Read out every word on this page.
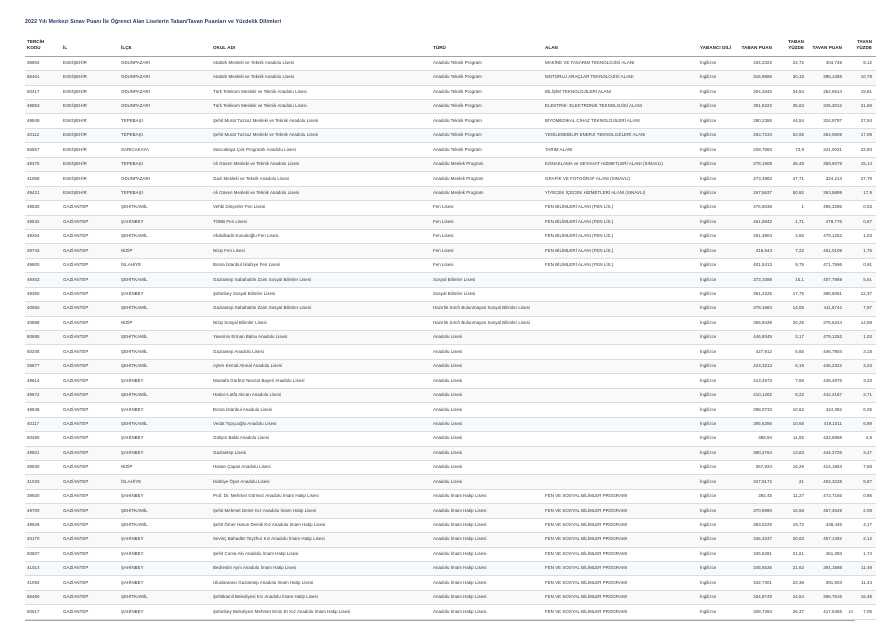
2022 Yılı Merkezi Sınav Puanı İle Öğrenci Alan Liselerin Taban/Tavan Puanları ve Yüzdelik Dilimleri
TERCİH KODU	İL	İLÇE	OKUL ADI	TÜRÜ	ALAN	YABANCI DİLİ	TABAN PUAN	TABAN YÜZDE	TAVAN PUAN	TAVAN YÜZDE
38904	ESKİŞEHİR	ODUNPAZARI	Atatürk Mesleki ve Teknik Anadolu Lisesi	Anadolu Teknik Program	MAKİNE VE TASARIM TEKNOLOJİSİ ALANI	İngilizce	334,2322	24,72	404,748	9,12
65461	ESKİŞEHİR	ODUNPAZARI	Atatürk Mesleki ve Teknik Anadolu Lisesi	Anadolu Teknik Program	MOTORLU ARAÇLAR TEKNOLOJİSİ ALANI	İngilizce	316,9886	30,18	395,1369	10,78
50417	ESKİŞEHİR	ODUNPAZARI	Türk Telekom Mesleki ve Teknik Anadolu Lisesi	Anadolu Teknik Program	BİLİŞİM TEKNOLOJİLERİ ALANI	İngilizce	304,3346	34,54	352,6514	19,81
49853	ESKİŞEHİR	ODUNPAZARI	Türk Telekom Mesleki ve Teknik Anadolu Lisesi	Anadolu Teknik Program	ELEKTRİK- ELEKTRONİK TEKNOLOJİSİ ALANI	İngilizce	301,6222	35,63	345,3012	21,69
49849	ESKİŞEHİR	TEPEBAŞI	Şehit Murat Tuzsuz Mesleki ve Teknik Anadolu Lisesi	Anadolu Teknik Program	BİYOMEDİKAL CİHAZ TEKNOLOJİLERİ ALANI	İngilizce	280,2386	44,54	324,9797	27,54
40112	ESKİŞEHİR	TEPEBAŞI	Şehit Murat Tuzsuz Mesleki ve Teknik Anadolu Lisesi	Anadolu Teknik Program	YENİLENEBİLİR ENERJİ TEKNOLOJİLERİ ALANI	İngilizce	263,7234	52,65	364,0608	17,09
65557	ESKİŞEHİR	SARICAKAYA	Sarıcakaya Çok Programlı Anadolu Lisesi	Anadolu Teknik Program	TARIM ALANI	İngilizce	228,7683	73,9	341,0021	22,83
49375	ESKİŞEHİR	TEPEBAŞI	Ali Güven Mesleki ve Teknik Anadolu Lisesi	Anadolu Meslek Program	KONAKLAMA ve SEYAHAT HİZMETLERİ ALANI (SINAVLI)	İngilizce	279,1908	45,49	359,6079	15,14
41069	ESKİŞEHİR	ODUNPAZARI	Gazi Mesleki ve Teknik Anadolu Lisesi	Anadolu Meslek Program	GRAFİK VE FOTOĞRAF ALANI (SINAVLI)	İngilizce	273,4983	47,71	324,213	27,79
49421	ESKİŞEHİR	TEPEBAŞI	Ali Güven Mesleki ve Teknik Anadolu Lisesi	Anadolu Meslek Program	YİYECEK İÇECEK HİZMETLERİ ALANI (SINAVLI)	İngilizce	267,5637	50,92	363,5899	17,9
49530	GAZİANTEP	ŞEHİTKAMİL	Vehbi Dinçerler Fen Lisesi	Fen Lisesi	FEN BİLİMLERİ ALANI (FEN LİS.)	İngilizce	476,5036	1	495,3296	0,03
49532	GAZİANTEP	ŞAHİNBEY	TOBB Fen Lisesi	Fen Lisesi	FEN BİLİMLERİ ALANI (FEN LİS.)	İngilizce	461,5942	1,71	478,776	0,67
49254	GAZİANTEP	ŞEHİTKAMİL	Abdulkadir Konukoğlu Fen Lisesi	Fen Lisesi	FEN BİLİMLERİ ALANI (FEN LİS.)	İngilizce	451,3804	2,66	479,1252	1,03
39743	GAZİANTEP	NİZİP	Nizip Fen Lisesi	Fen Lisesi	FEN BİLİMLERİ ALANI (FEN LİS.)	İngilizce	416,544	7,22	461,0109	1,76
49800	GAZİANTEP	İSLAHİYE	Borsa İstanbul İslahiye Fen Lisesi	Fen Lisesi	FEN BİLİMLERİ ALANI (FEN LİS.)	İngilizce	401,5413	9,75	471,7596	0,91
49463	GAZİANTEP	ŞEHİTKAMİL	Gaziantep Sabahattin Zaim Sosyal Bilimler Lisesi	Sosyal Bilimler Lisesi		İngilizce	373,1088	15,1	407,7869	5,61
49350	GAZİANTEP	ŞAHİNBEY	Şahinbey Sosyal Bilimler Lisesi	Sosyal Bilimler Lisesi		İngilizce	361,2225	17,75	388,6061	12,37
40550	GAZİANTEP	ŞEHİTKAMİL	Gaziantep Sabahattin Zaim Sosyal Bilimler Lisesi	Hazırlık Sınıfı Bulunmayan Sosyal Bilimler Lisesi		İngilizce	378,1684	14,05	411,6742	7,97
40898	GAZİANTEP	NİZİP	Nizip Sosyal Bilimler Lisesi	Hazırlık Sınıfı Bulunmayan Sosyal Bilimler Lisesi		İngilizce	356,8439	20,25	375,6244	14,58
50685	GAZİANTEP	ŞEHİTKAMİL	Yasemin Erman Balsu Anadolu Lisesi	Anadolu Lisesi		İngilizce	446,8049	3,17	479,1252	1,03
50345	GAZİANTEP	ŞEHİTKAMİL	Gaziantep Anadolu Lisesi	Anadolu Lisesi		İngilizce	427,912	5,55	446,7904	3,18
39877	GAZİANTEP	ŞEHİTKAMİL	Ayten Kemal Akınal Anadolu Lisesi	Anadolu Lisesi		İngilizce	423,3213	6,19	446,2322	3,23
49614	GAZİANTEP	ŞAHİNBEY	Mustafa Gürbüz Nevzat Bayeri Anadolu Lisesi	Anadolu Lisesi		İngilizce	413,4973	7,69	445,4876	3,33
49672	GAZİANTEP	ŞEHİTKAMİL	Hatice-Lütfü Akcan Anadolu Lisesi	Anadolu Lisesi		İngilizce	410,1282	8,22	442,2167	3,71
49948	GAZİANTEP	ŞAHİNBEY	Borsa İstanbul Anadolu Lisesi	Anadolu Lisesi		İngilizce	398,0733	10,62	424,382	6,05
40117	GAZİANTEP	ŞEHİTKAMİL	Vedat Topçuoğlu Anadolu Lisesi	Anadolu Lisesi		İngilizce	395,6286	10,68	419,1011	6,98
50490	GAZİANTEP	ŞAHİNBEY	Gülşen Balat Anadolu Lisesi	Anadolu Lisesi		İngilizce	388,94	11,92	432,6968	4,9
49601	GAZİANTEP	ŞAHİNBEY	Gaziantep Lisesi	Anadolu Lisesi		İngilizce	380,2764	13,63	444,2726	3,47
39930	GAZİANTEP	NİZİP	Hasan Çapan Anadolu Lisesi	Anadolu Lisesi		İngilizce	367,934	16,29	414,1853	7,58
41033	GAZİANTEP	İSLAHİYE	İslahiye Öpet Anadolu Lisesi	Anadolu Lisesi		İngilizce	347,9172	21	403,3228	9,87
39920	GAZİANTEP	ŞAHİNBEY	Prof. Dr. Mehmet Görmez Anadolu İmam Hatip Lisesi	Anadolu İmam Hatip Lisesi	FEN VE SOSYAL BİLİMLER PROGRAMI	İngilizce	392,45	11,27	472,7156	0,86
49700	GAZİANTEP	ŞEHİTKAMİL	Şehit Mehmet Demir Kız Anadolu İmam Hatip Lisesi	Anadolu İmam Hatip Lisesi	FEN VE SOSYAL BİLİMLER PROGRAMI	İngilizce	370,9990	15,58	457,4549	2,08
49928	GAZİANTEP	ŞEHİTKAMİL	Şehit Ömer Harun Demik Kız Anadolu İmam Hatip Lisesi	Anadolu İmam Hatip Lisesi	FEN VE SOSYAL BİLİMLER PROGRAMI	İngilizce	353,0229	19,72	438,446	4,17
40170	GAZİANTEP	ŞAHİNBEY	Sevinç Bahadtin Teyzhur Kız Anadolu İmam Hatip Lisesi	Anadolu İmam Hatip Lisesi	FEN VE SOSYAL BİLİMLER PROGRAMI	İngilizce	346,3237	20,63	457,1392	2,12
50507	GAZİANTEP	ŞAHİNBEY	Şehit Cuma Akı Anadolu İmam Hatip Lisesi	Anadolu İmam Hatip Lisesi	FEN VE SOSYAL BİLİMLER PROGRAMI	İngilizce	345,6291	21,61	461,283	1,74
41014	GAZİANTEP	ŞAHİNBEY	Bedrestin Aynı Anadolu İmam Hatip Lisesi	Anadolu İmam Hatip Lisesi	FEN VE SOSYAL BİLİMLER PROGRAMI	İngilizce	345,5536	21,62	391,1588	11,49
41094	GAZİANTEP	ŞAHİNBEY	Uluslararası Gaziantep Anadolu İmam Hatip Lisesi	Anadolu İmam Hatip Lisesi	FEN VE SOSYAL BİLİMLER PROGRAMI	İngilizce	342,7301	22,36	391,503	11,44
65480	GAZİANTEP	ŞEHİTKAMİL	Şehitkamil Belediyesi Kız Anadolu İmam Hatip Lisesi	Anadolu İmam Hatip Lisesi	FEN VE SOSYAL BİLİMLER PROGRAMI	İngilizce	334,8749	24,54	366,7515	16,49
50517	GAZİANTEP	ŞAHİNBEY	Şahinbey Belediyesi Mehmet Emin Er Kız Anadolu İmam Hatip Lisesi	Anadolu İmam Hatip Lisesi	FEN VE SOSYAL BİLİMLER PROGRAMI	İngilizce	328,7284	26,37	417,6455	7,05
24
